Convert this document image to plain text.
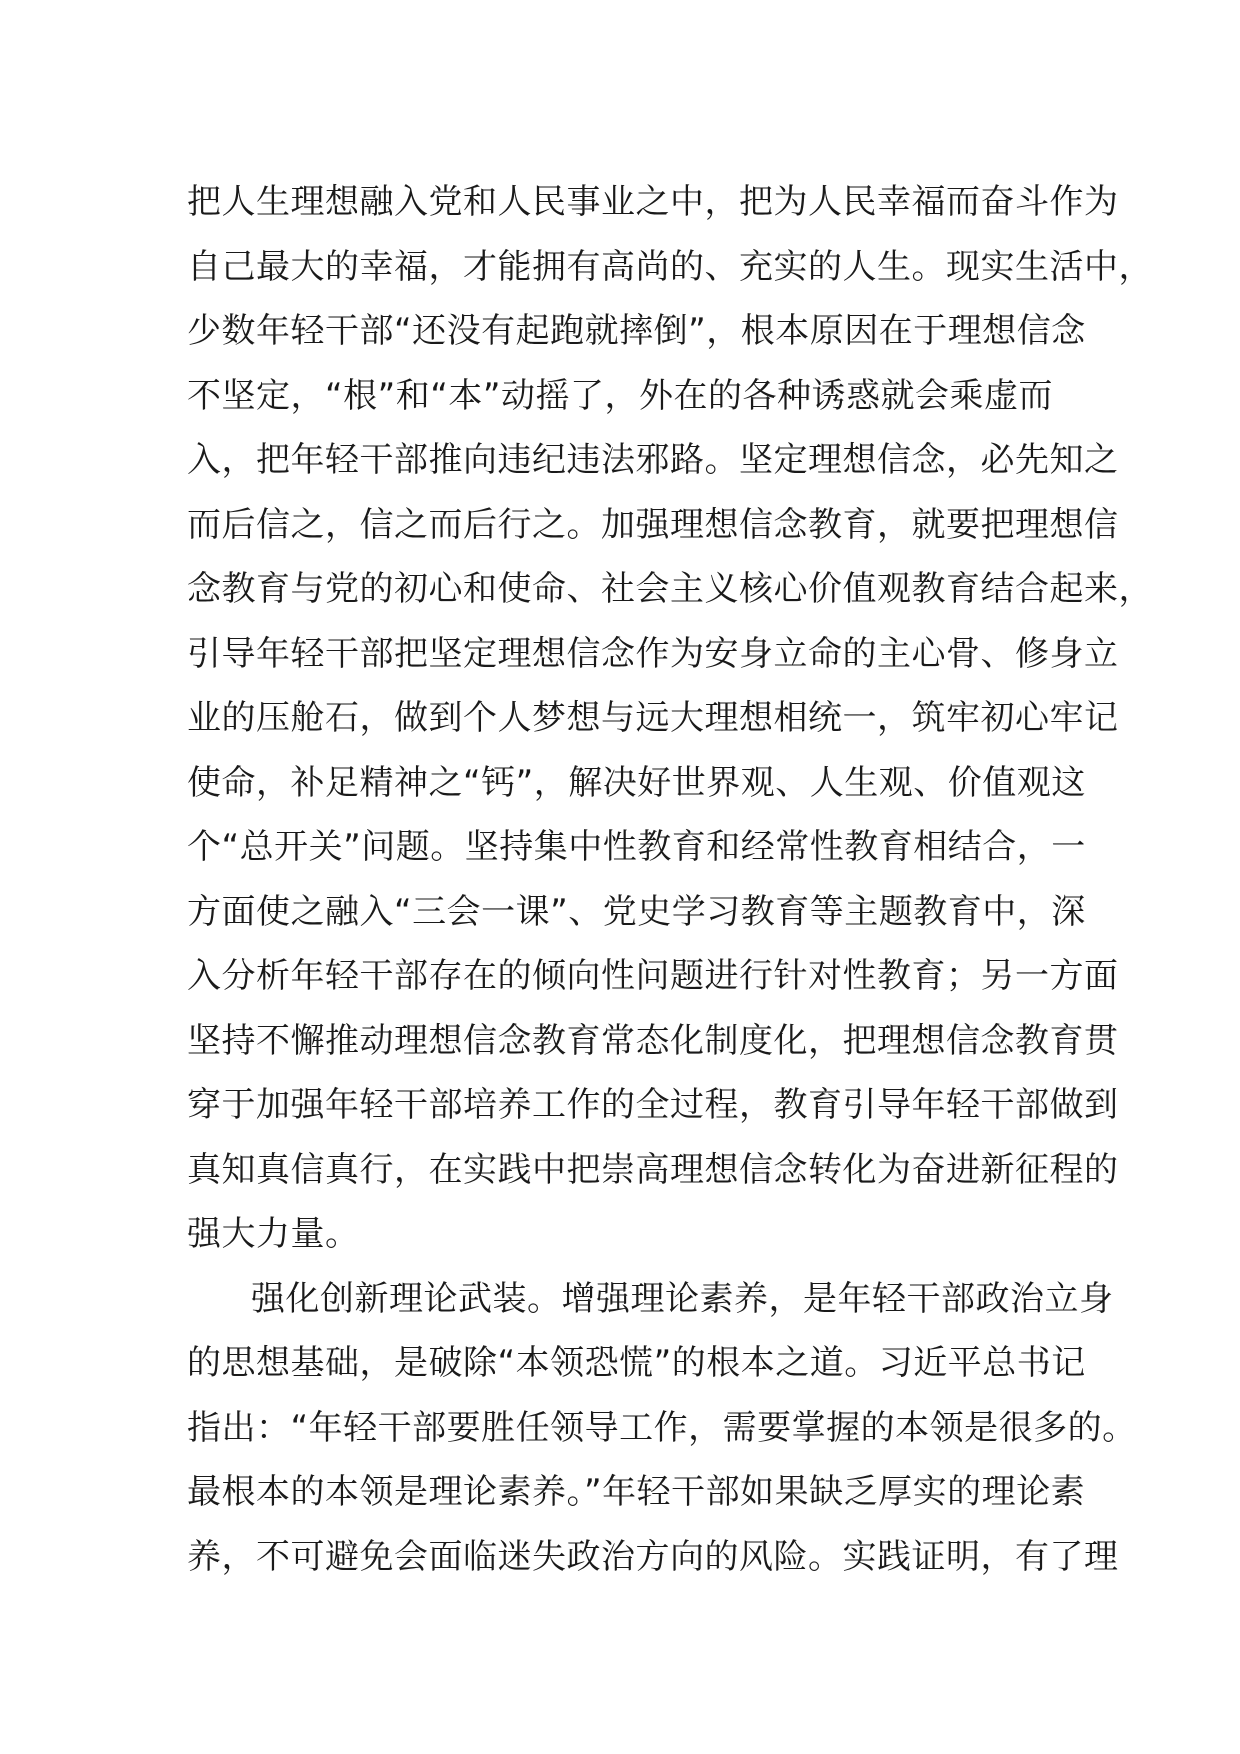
把人生理想融入党和人民事业之中，把为人民幸福而奋斗作为
自己最大的幸福，才能拥有高尚的、充实的人生。现实生活中，
少数年轻干部“还没有起跑就摔倒”，根本原因在于理想信念
不坚定，“根”和“本”动摇了，外在的各种诱惑就会乘虚而
入，把年轻干部推向违纪违法邪路。坚定理想信念，必先知之
而后信之，信之而后行之。加强理想信念教育，就要把理想信
念教育与党的初心和使命、社会主义核心价值观教育结合起来，
引导年轻干部把坚定理想信念作为安身立命的主心骨、修身立
业的压舱石，做到个人梦想与远大理想相统一，筑牢初心牢记
使命，补足精神之“钙”，解决好世界观、人生观、价值观这
个“总开关”问题。坚持集中性教育和经常性教育相结合，一
方面使之融入“三会一课”、党史学习教育等主题教育中，深
入分析年轻干部存在的倾向性问题进行针对性教育；另一方面
坚持不懈推动理想信念教育常态化制度化，把理想信念教育贯
穿于加强年轻干部培养工作的全过程，教育引导年轻干部做到
真知真信真行，在实践中把崇高理想信念转化为奋进新征程的
强大力量。
强化创新理论武装。增强理论素养，是年轻干部政治立身
的思想基础，是破除“本领恐慌”的根本之道。习近平总书记
指出：“年轻干部要胜任领导工作，需要掌握的本领是很多的。
最根本的本领是理论素养。”年轻干部如果缺乏厚实的理论素
养，不可避免会面临迷失政治方向的风险。实践证明，有了理
